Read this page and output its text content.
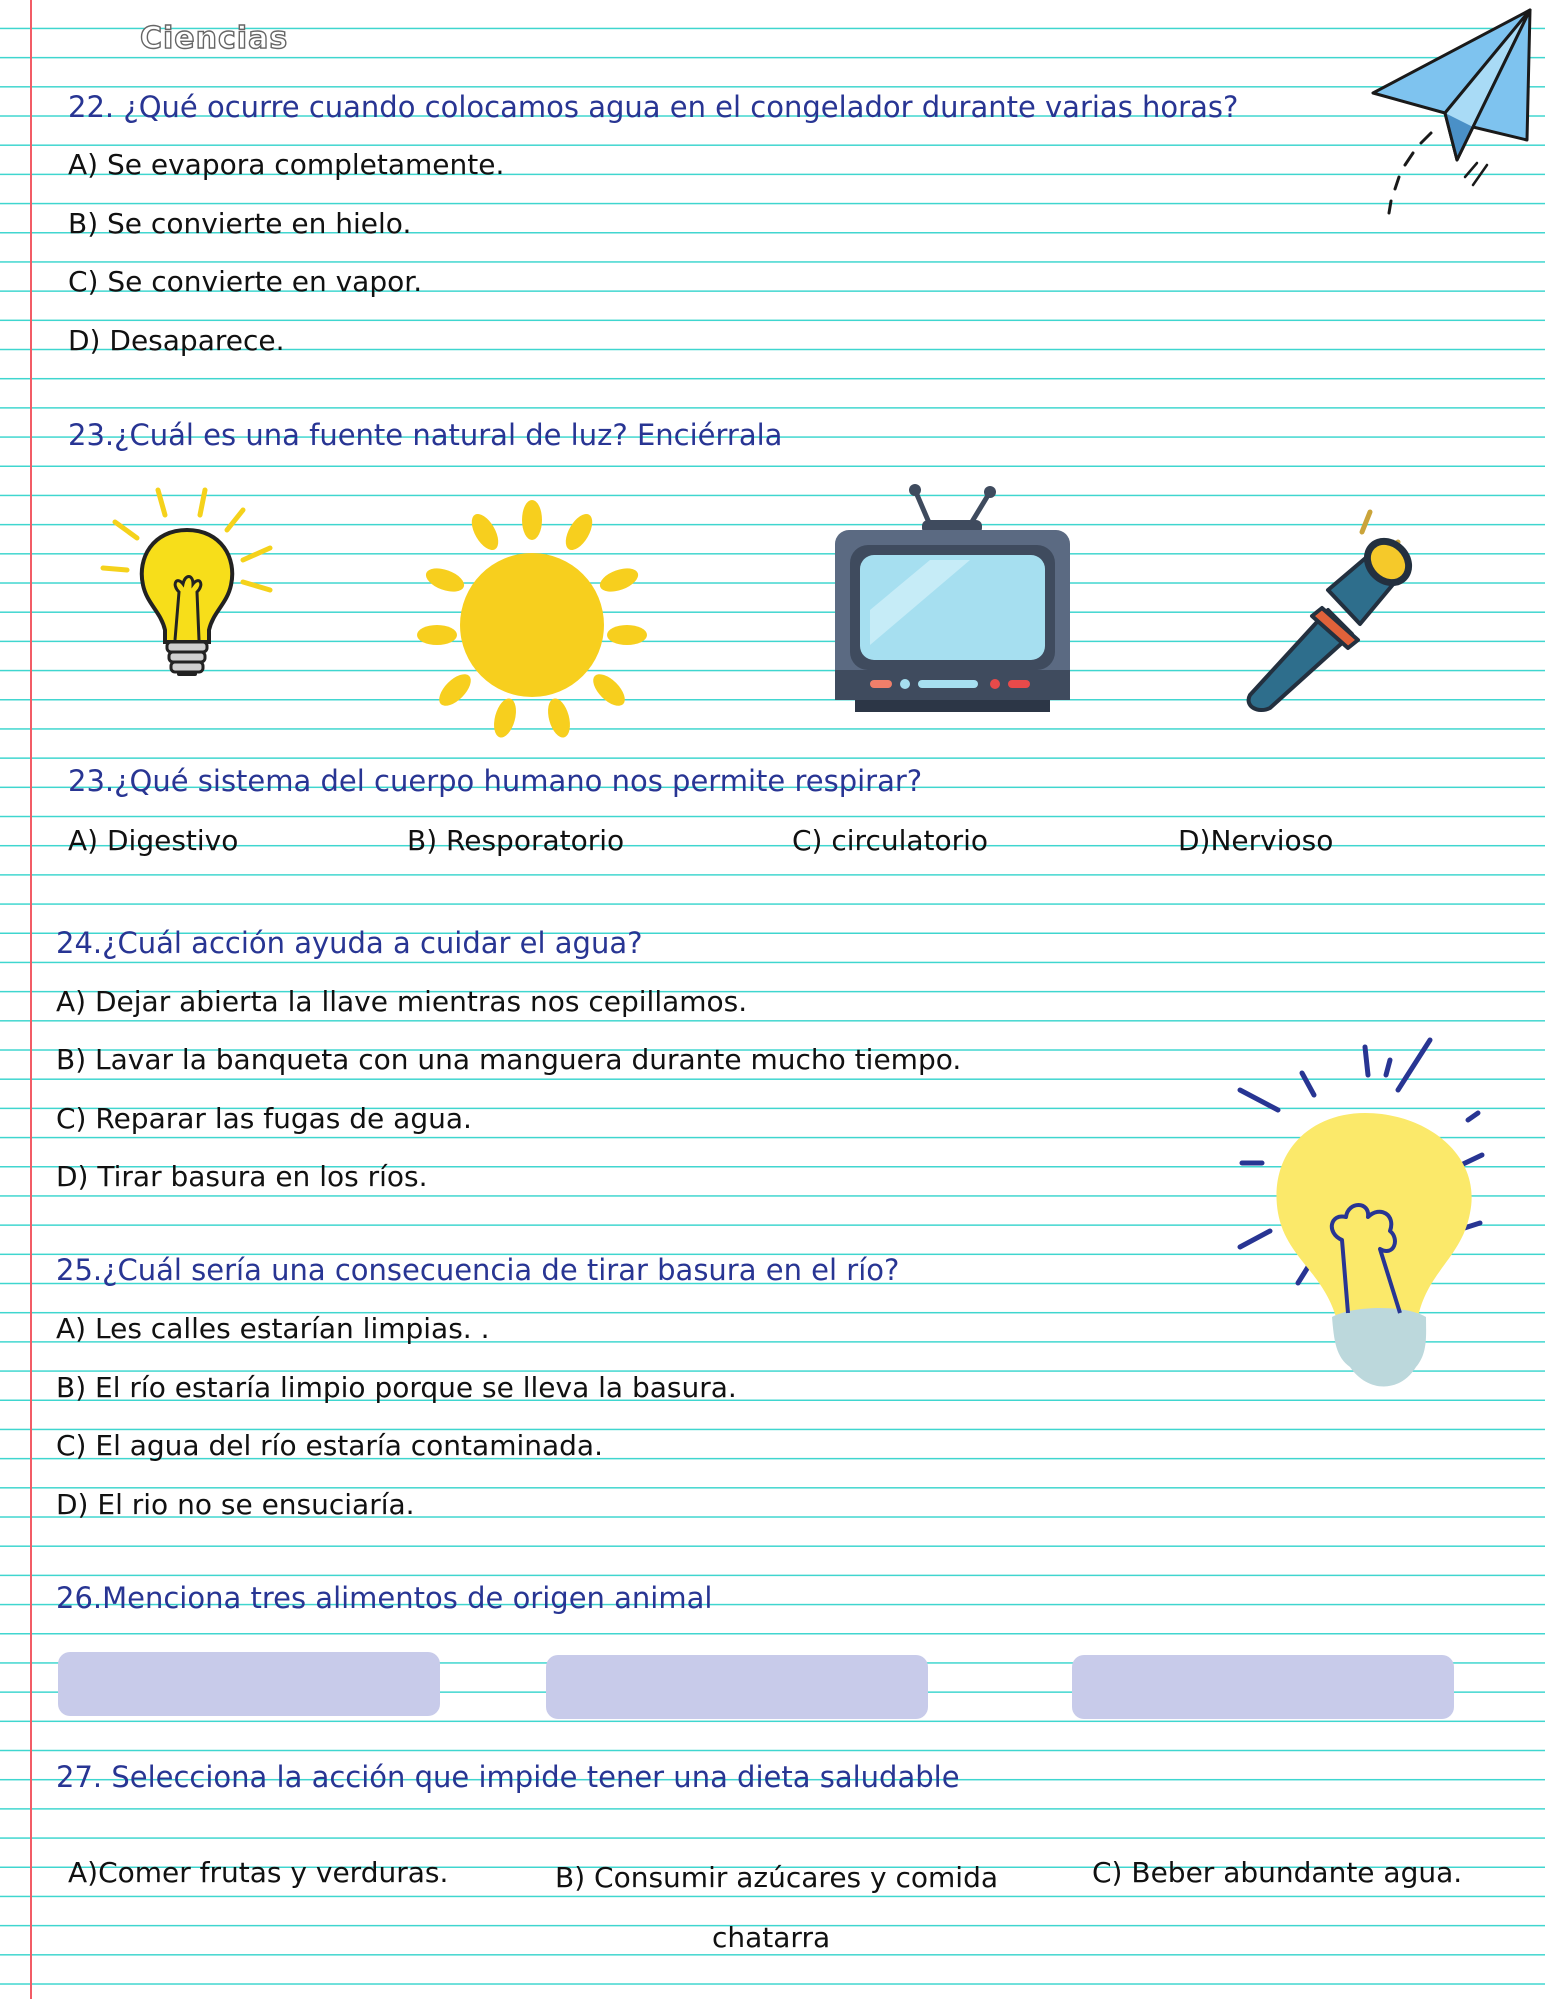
Ciencias
22. ¿Qué ocurre cuando colocamos agua en el congelador durante varias horas?
A) Se evapora completamente.
B) Se convierte en hielo.
C) Se convierte en vapor.
D) Desaparece.
23.¿Cuál es una fuente natural de luz? Enciérrala
23.¿Qué sistema del cuerpo humano nos permite respirar?
A) Digestivo	B) Resporatorio	C) circulatorio	D)Nervioso
24.¿Cuál acción ayuda a cuidar el agua?
A) Dejar abierta la llave mientras nos cepillamos.
B) Lavar la banqueta con una manguera durante mucho tiempo.
C) Reparar las fugas de agua.
D) Tirar basura en los ríos.
25.¿Cuál sería una consecuencia de tirar basura en el río?
A) Les calles estarían limpias. .
B) El río estaría limpio porque se lleva la basura.
C) El agua del río estaría contaminada.
D) El rio no se ensuciaría.
26.Menciona tres alimentos de origen animal
27. Selecciona la acción que impide tener una dieta saludable
A)Comer frutas y verduras.	B) Consumir azúcares y comida
chatarra
C) Beber abundante agua.
